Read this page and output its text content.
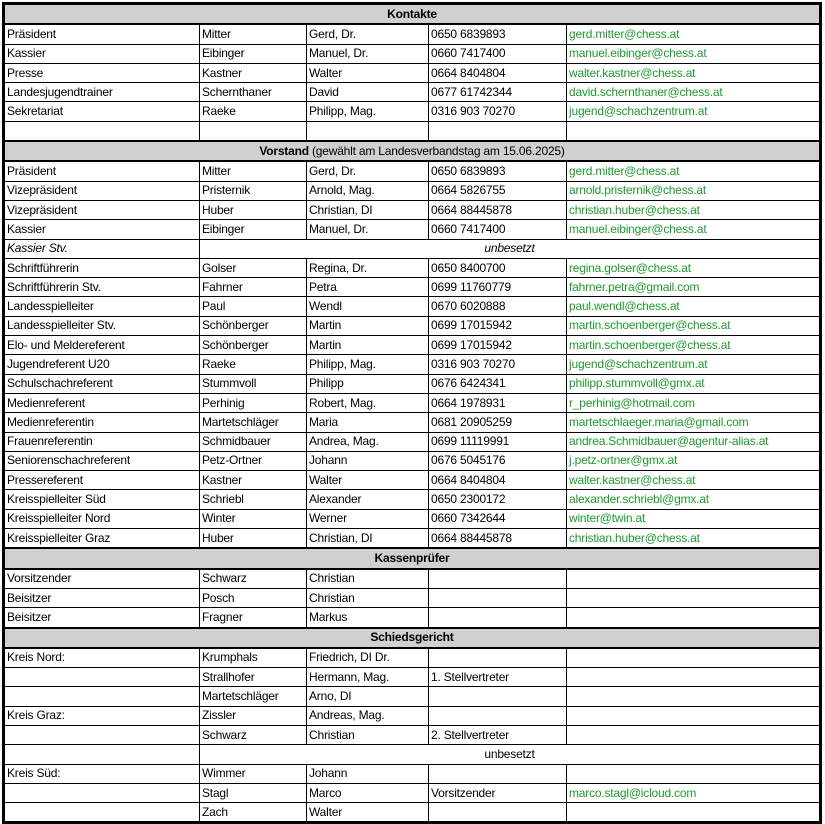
Kontakte				
Präsident	Mitter	Gerd, Dr.	0650 6839893	gerd.mitter@chess.at
Kassier	Eibinger	Manuel, Dr.	0660 7417400	manuel.eibinger@chess.at
Presse	Kastner	Walter	0664 8404804	walter.kastner@chess.at
Landesjugendtrainer	Schernthaner	David	0677 61742344	david.schernthaner@chess.at
Sekretariat	Raeke	Philipp, Mag.	0316 903 70270	jugend@schachzentrum.at

Vorstand (gewählt am Landesverbandstag am 15.06.2025)				
Präsident	Mitter	Gerd, Dr.	0650 6839893	gerd.mitter@chess.at
Vizepräsident	Pristernik	Arnold, Mag.	0664 5826755	arnold.pristernik@chess.at
Vizepräsident	Huber	Christian, DI	0664 88445878	christian.huber@chess.at
Kassier	Eibinger	Manuel, Dr.	0660 7417400	manuel.eibinger@chess.at
Kassier Stv.	unbesetzt			
Schriftführerin	Golser	Regina, Dr.	0650 8400700	regina.golser@chess.at
Schriftführerin Stv.	Fahrner	Petra	0699 11760779	fahrner.petra@gmail.com
Landesspielleiter	Paul	Wendl	0670 6020888	paul.wendl@chess.at
Landesspielleiter Stv.	Schönberger	Martin	0699 17015942	martin.schoenberger@chess.at
Elo- und Meldereferent	Schönberger	Martin	0699 17015942	martin.schoenberger@chess.at
Jugendreferent U20	Raeke	Philipp, Mag.	0316 903 70270	jugend@schachzentrum.at
Schulschachreferent	Stummvoll	Philipp	0676 6424341	philipp.stummvoll@gmx.at
Medienreferent	Perhinig	Robert, Mag.	0664 1978931	r_perhinig@hotmail.com
Medienreferentin	Martetschläger	Maria	0681 20905259	martetschlaeger.maria@gmail.com
Frauenreferentin	Schmidbauer	Andrea, Mag.	0699 11119991	andrea.Schmidbauer@agentur-alias.at
Seniorenschachreferent	Petz-Ortner	Johann	0676 5045176	j.petz-ortner@gmx.at
Pressereferent	Kastner	Walter	0664 8404804	walter.kastner@chess.at
Kreisspielleiter Süd	Schriebl	Alexander	0650 2300172	alexander.schriebl@gmx.at
Kreisspielleiter Nord	Winter	Werner	0660 7342644	winter@twin.at
Kreisspielleiter Graz	Huber	Christian, DI	0664 88445878	christian.huber@chess.at
Kassenprüfer				
Vorsitzender	Schwarz	Christian		
Beisitzer	Posch	Christian		
Beisitzer	Fragner	Markus		
Schiedsgericht				
Kreis Nord:	Krumphals	Friedrich, DI Dr.		
	Strallhofer	Hermann, Mag.	1. Stellvertreter	
	Martetschläger	Arno, DI		
Kreis Graz:	Zissler	Andreas, Mag.		
	Schwarz	Christian	2. Stellvertreter	
	unbesetzt			
Kreis Süd:	Wimmer	Johann		
	Stagl	Marco	Vorsitzender	marco.stagl@icloud.com
	Zach	Walter		
